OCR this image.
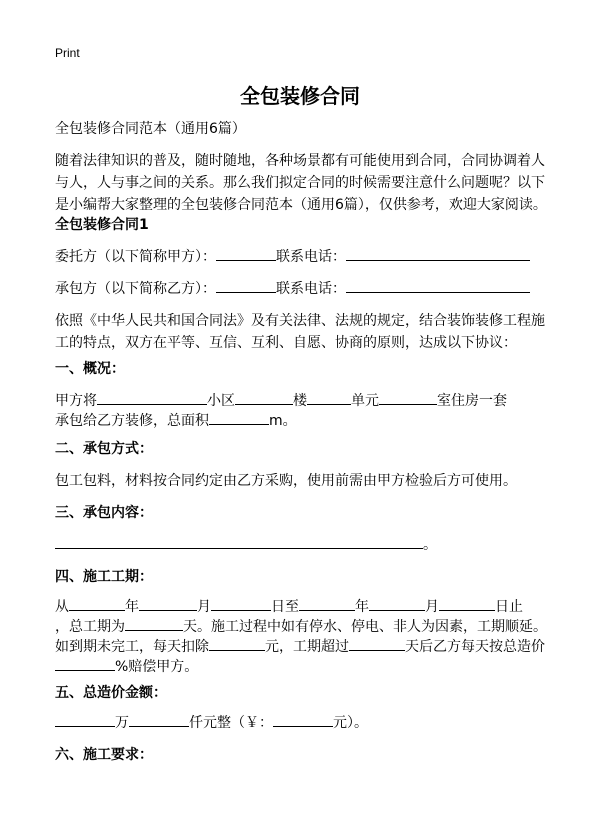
Print
全包装修合同
全包装修合同范本（通用6篇）
随着法律知识的普及，随时随地，各种场景都有可能使用到合同，合同协调着人与人，人与事之间的关系。那么我们拟定合同的时候需要注意什么问题呢？以下是小编帮大家整理的全包装修合同范本（通用6篇），仅供参考，欢迎大家阅读。
全包装修合同1
委托方（以下简称甲方）：	联系电话：
承包方（以下简称乙方）：	联系电话：
依照《中华人民共和国合同法》及有关法律、法规的规定，结合装饰装修工程施工的特点，双方在平等、互信、互利、自愿、协商的原则，达成以下协议：
一、概况：
甲方将	小区	楼	单元	室住房一套
承包给乙方装修，总面积	m。
二、承包方式：
包工包料，材料按合同约定由乙方采购，使用前需由甲方检验后方可使用。
三、承包内容：
。
四、施工工期：
从	年	月	日至	年	月	日止
，总工期为	天。施工过程中如有停水、停电、非人为因素，工期顺延。
如到期未完工，每天扣除	元，工期超过	天后乙方每天按总造价
%赔偿甲方。
五、总造价金额：
万	仟元整（￥：	元）。
六、施工要求：
